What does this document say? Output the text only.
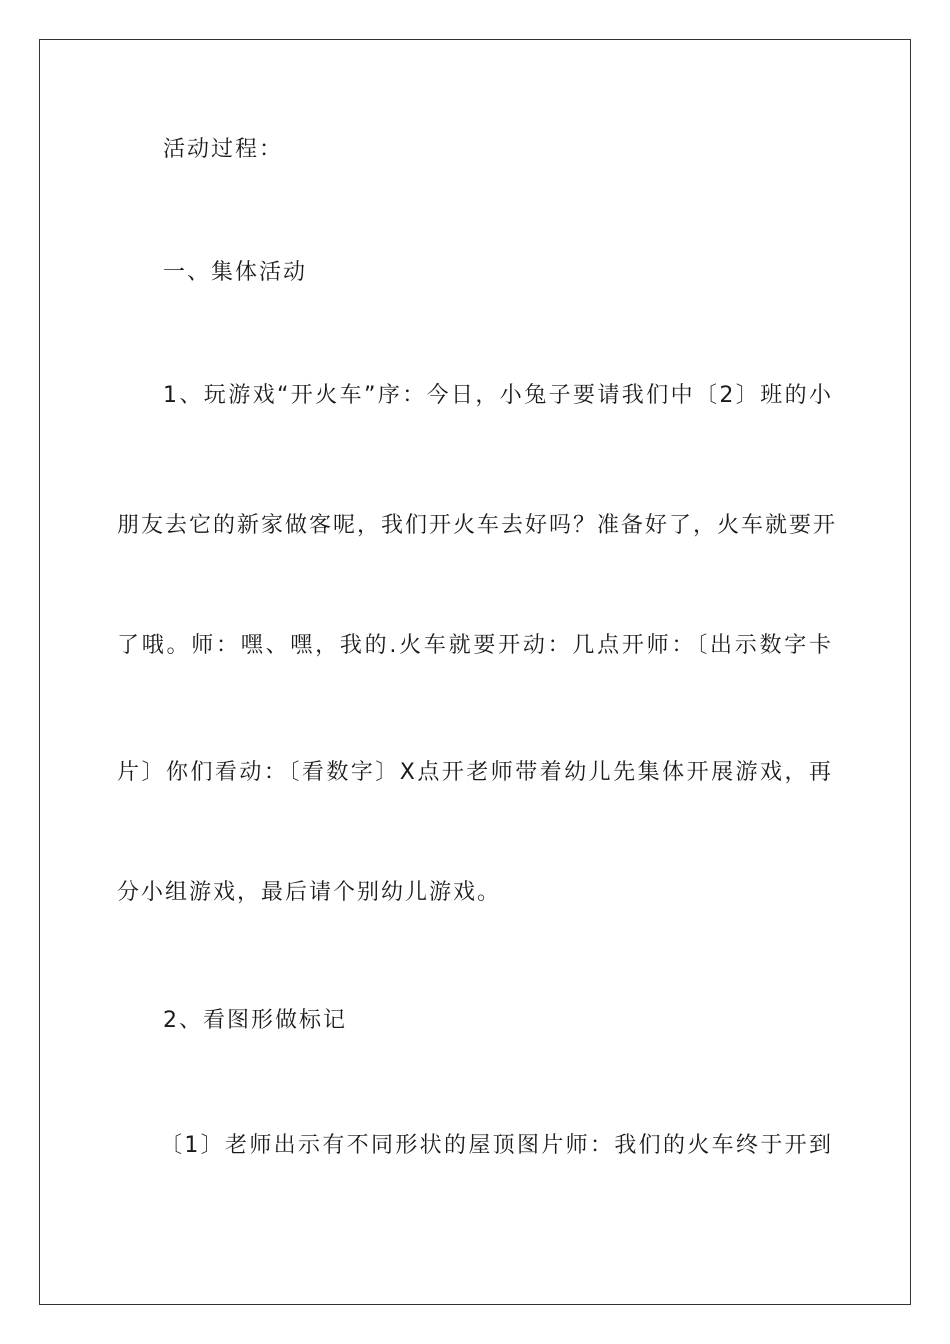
活动过程：
一、集体活动
1、玩游戏“开火车”序：今日，小兔子要请我们中〔2〕班的小
朋友去它的新家做客呢，我们开火车去好吗？准备好了，火车就要开
了哦。师：嘿、嘿，我的.火车就要开动：几点开师：〔出示数字卡
片〕你们看动：〔看数字〕X点开老师带着幼儿先集体开展游戏，再
分小组游戏，最后请个别幼儿游戏。
2、看图形做标记
〔1〕老师出示有不同形状的屋顶图片师：我们的火车终于开到
